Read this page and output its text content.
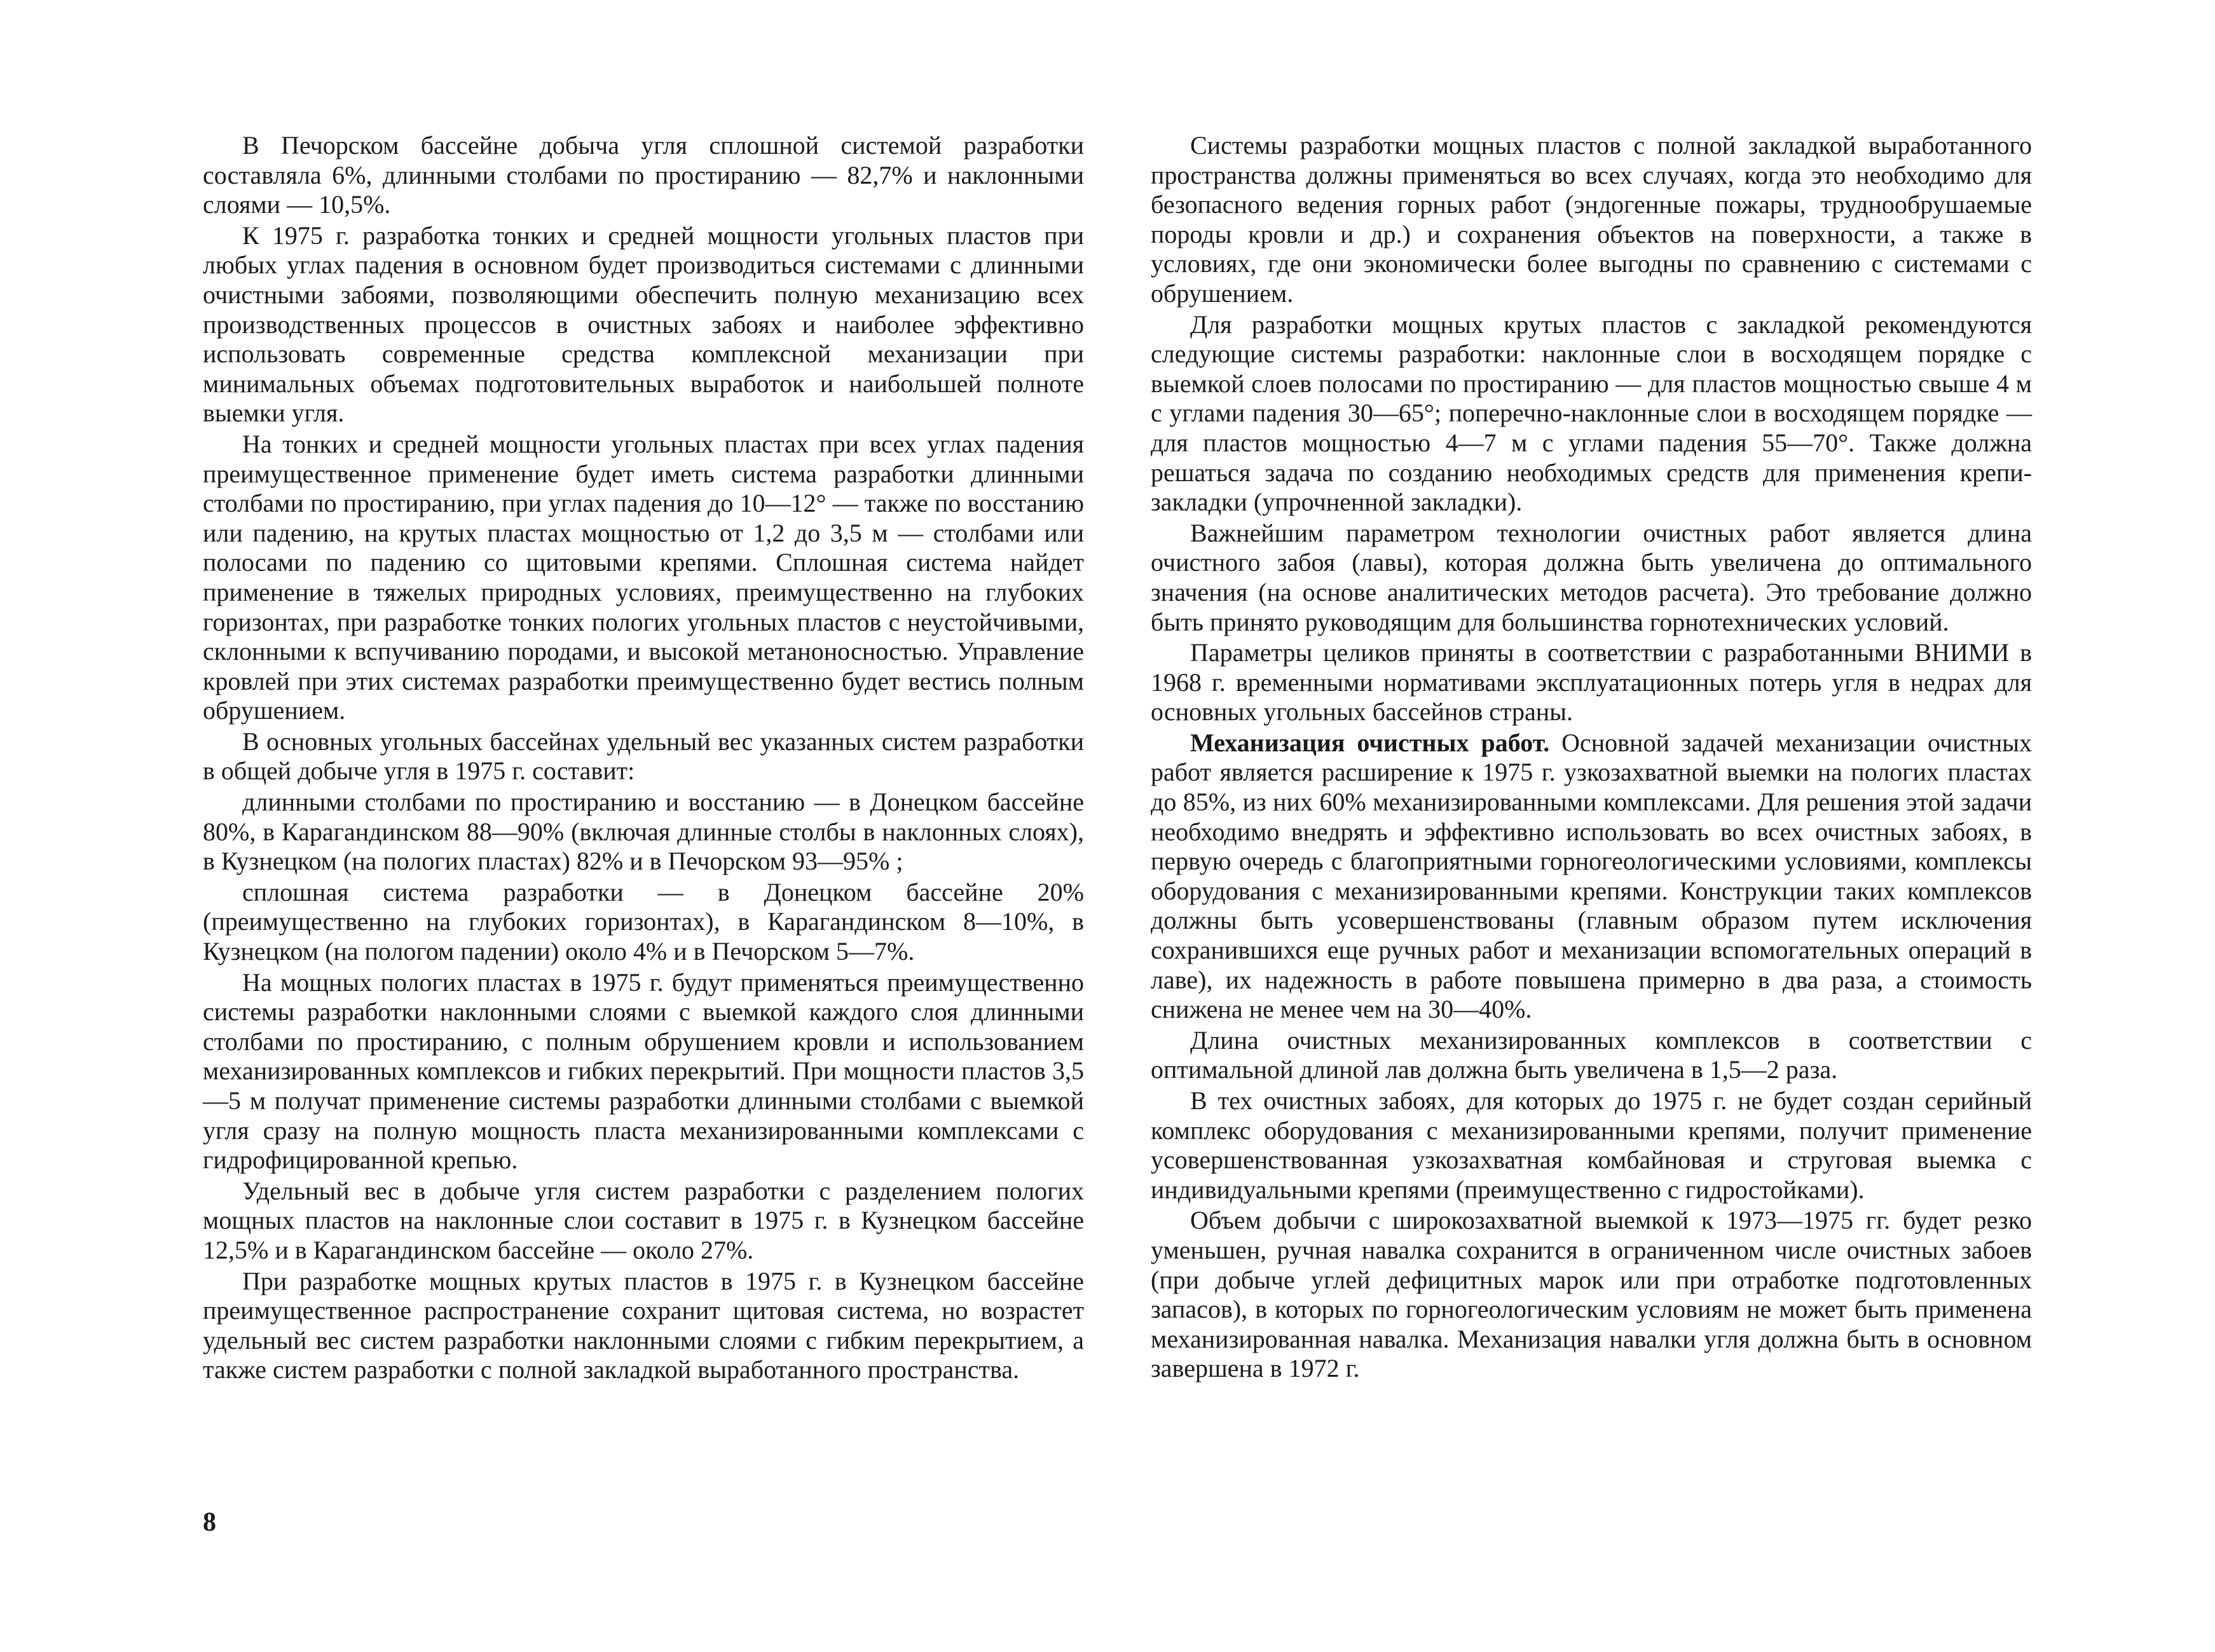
В Печорском бассейне добыча угля сплошной системой разработки составляла 6%, длинными столбами по простиранию — 82,7% и наклонными слоями — 10,5%.

К 1975 г. разработка тонких и средней мощности угольных пластов при любых углах падения в основном будет производиться системами с длинными очистными забоями, позволяющими обеспечить полную механизацию всех производственных процессов в очистных забоях и наиболее эффективно использовать современные средства комплексной механизации при минимальных объемах подготовительных выработок и наибольшей полноте выемки угля.

На тонких и средней мощности угольных пластах при всех углах падения преимущественное применение будет иметь система разработки длинными столбами по простиранию, при углах падения до 10—12° — также по восстанию или падению, на крутых пластах мощностью от 1,2 до 3,5 м — столбами или полосами по падению со щитовыми крепями. Сплошная система найдет применение в тяжелых природных условиях, преимущественно на глубоких горизонтах, при разработке тонких пологих угольных пластов с неустойчивыми, склонными к вспучиванию породами, и высокой метаноносностью. Управление кровлей при этих системах разработки преимущественно будет вестись полным обрушением.

В основных угольных бассейнах удельный вес указанных систем разработки в общей добыче угля в 1975 г. составит:

длинными столбами по простиранию и восстанию — в Донецком бассейне 80%, в Карагандинском 88—90% (включая длинные столбы в наклонных слоях), в Кузнецком (на пологих пластах) 82% и в Печорском 93—95% ;

сплошная система разработки — в Донецком бассейне 20% (преимущественно на глубоких горизонтах), в Карагандинском 8—10%, в Кузнецком (на пологом падении) около 4% и в Печорском 5—7%.

На мощных пологих пластах в 1975 г. будут применяться преимущественно системы разработки наклонными слоями с выемкой каждого слоя длинными столбами по простиранию, с полным обрушением кровли и использованием механизированных комплексов и гибких перекрытий. При мощности пластов 3,5—5 м получат применение системы разработки длинными столбами с выемкой угля сразу на полную мощность пласта механизированными комплексами с гидрофицированной крепью.

Удельный вес в добыче угля систем разработки с разделением пологих мощных пластов на наклонные слои составит в 1975 г. в Кузнецком бассейне 12,5% и в Карагандинском бассейне — около 27%.

При разработке мощных крутых пластов в 1975 г. в Кузнецком бассейне преимущественное распространение сохранит щитовая система, но возрастет удельный вес систем разработки наклонными слоями с гибким перекрытием, а также систем разработки с полной закладкой выработанного пространства.

Системы разработки мощных пластов с полной закладкой выработанного пространства должны применяться во всех случаях, когда это необходимо для безопасного ведения горных работ (эндогенные пожары, труднообрушаемые породы кровли и др.) и сохранения объектов на поверхности, а также в условиях, где они экономически более выгодны по сравнению с системами с обрушением.

Для разработки мощных крутых пластов с закладкой рекомендуются следующие системы разработки: наклонные слои в восходящем порядке с выемкой слоев полосами по простиранию — для пластов мощностью свыше 4 м с углами падения 30—65°; поперечно-наклонные слои в восходящем порядке — для пластов мощностью 4—7 м с углами падения 55—70°. Также должна решаться задача по созданию необходимых средств для применения крепи-закладки (упрочненной закладки).

Важнейшим параметром технологии очистных работ является длина очистного забоя (лавы), которая должна быть увеличена до оптимального значения (на основе аналитических методов расчета). Это требование должно быть принято руководящим для большинства горнотехнических условий.

Параметры целиков приняты в соответствии с разработанными ВНИМИ в 1968 г. временными нормативами эксплуатационных потерь угля в недрах для основных угольных бассейнов страны.

Механизация очистных работ. Основной задачей механизации очистных работ является расширение к 1975 г. узкозахватной выемки на пологих пластах до 85%, из них 60% механизированными комплексами. Для решения этой задачи необходимо внедрять и эффективно использовать во всех очистных забоях, в первую очередь с благоприятными горногеологическими условиями, комплексы оборудования с механизированными крепями. Конструкции таких комплексов должны быть усовершенствованы (главным образом путем исключения сохранившихся еще ручных работ и механизации вспомогательных операций в лаве), их надежность в работе повышена примерно в два раза, а стоимость снижена не менее чем на 30—40%.

Длина очистных механизированных комплексов в соответствии с оптимальной длиной лав должна быть увеличена в 1,5—2 раза.

В тех очистных забоях, для которых до 1975 г. не будет создан серийный комплекс оборудования с механизированными крепями, получит применение усовершенствованная узкозахватная комбайновая и струговая выемка с индивидуальными крепями (преимущественно с гидростойками).

Объем добычи с широкозахватной выемкой к 1973—1975 гг. будет резко уменьшен, ручная навалка сохранится в ограниченном числе очистных забоев (при добыче углей дефицитных марок или при отработке подготовленных запасов), в которых по горногеологическим условиям не может быть применена механизированная навалка. Механизация навалки угля должна быть в основном завершена в 1972 г.

8
